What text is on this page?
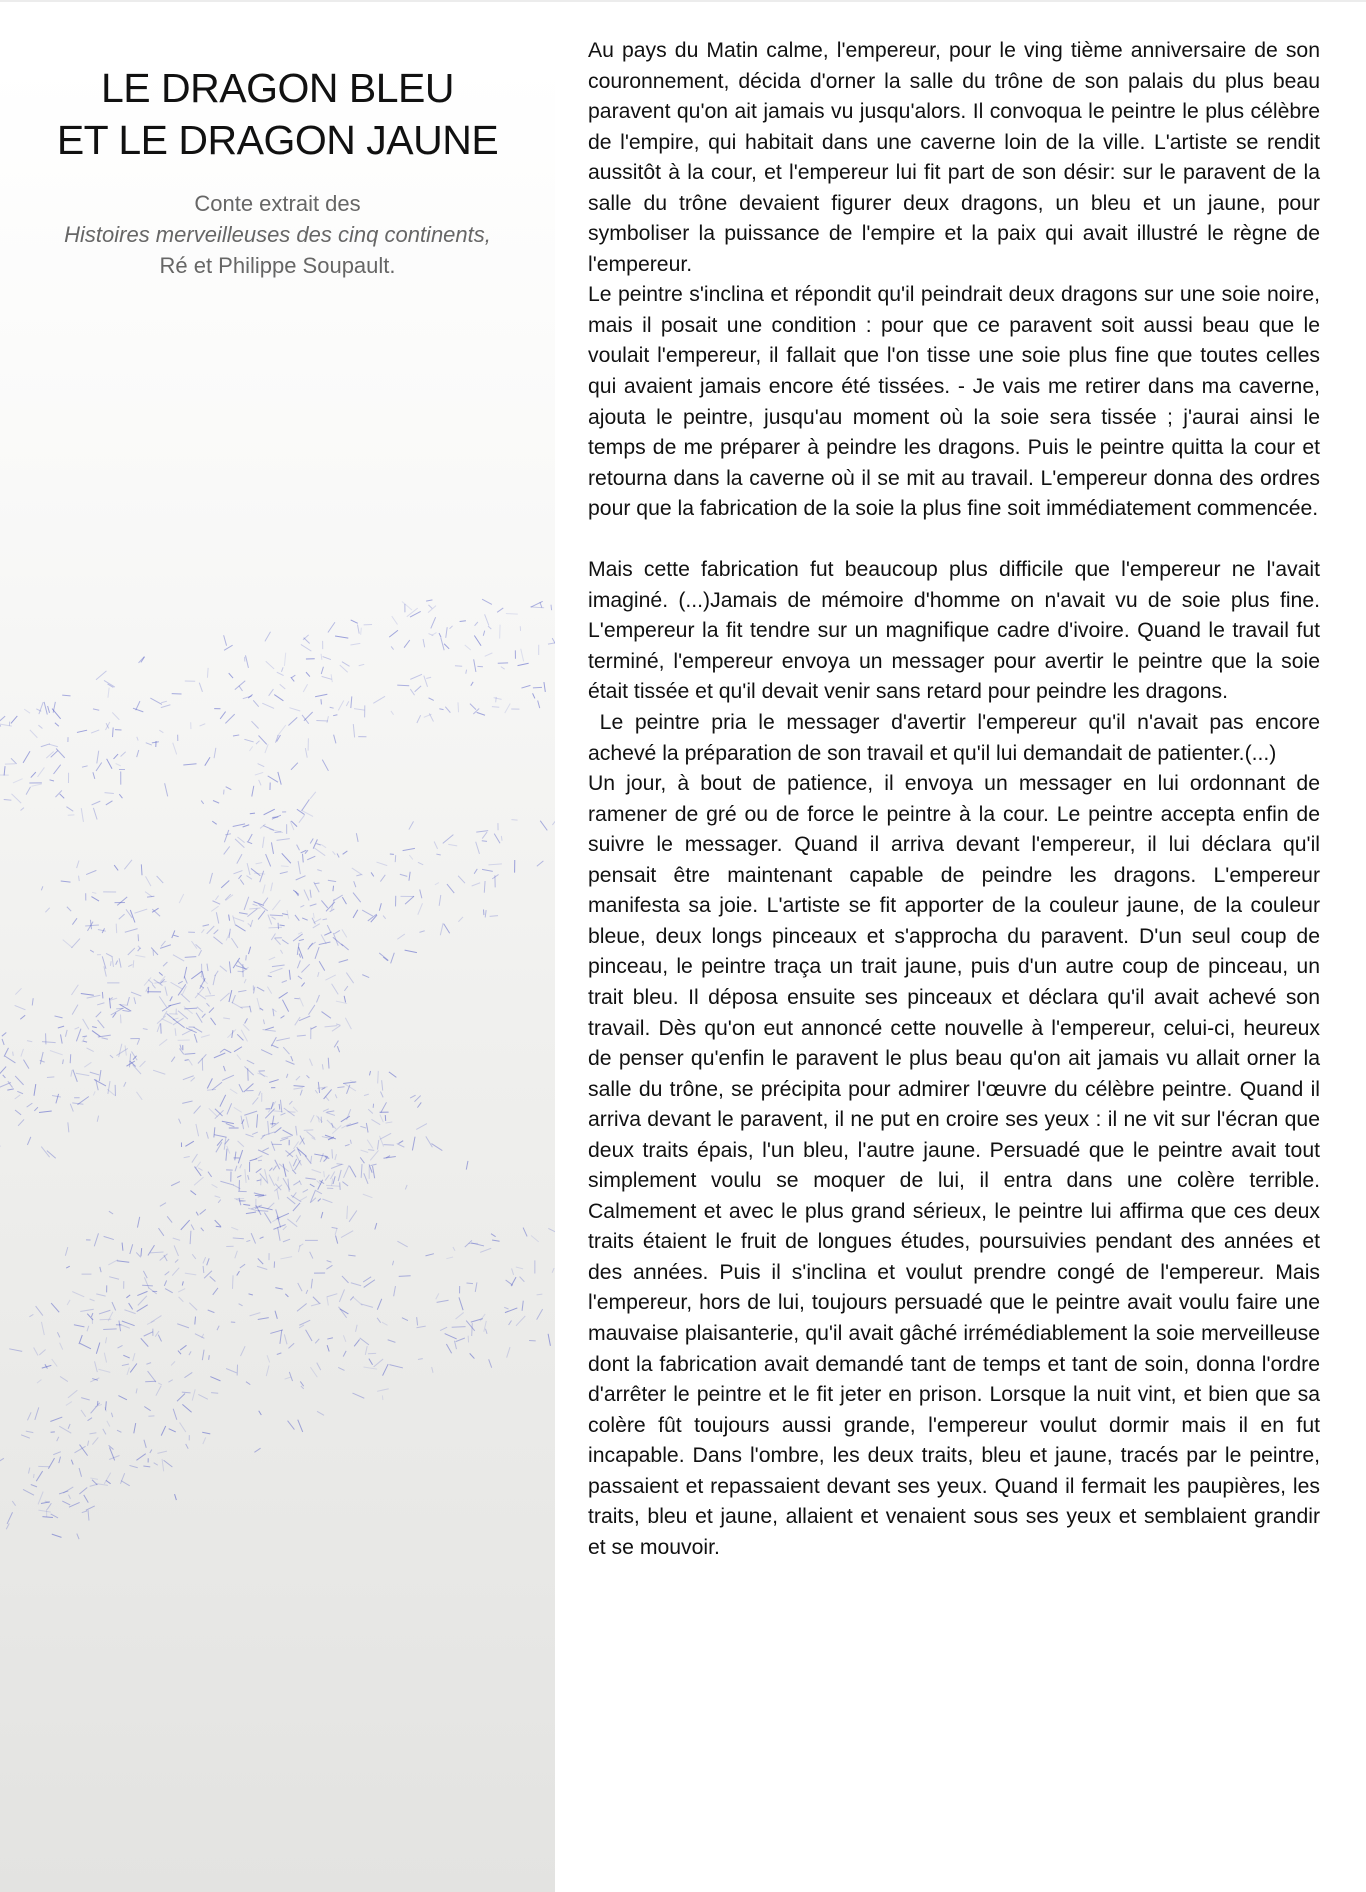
LE DRAGON BLEU
ET LE DRAGON JAUNE
Conte extrait des
Histoires merveilleuses des cinq continents,
Ré et Philippe Soupault.

Au pays du Matin calme, l'empereur, pour le ving tième anniversaire de son couronnement, décida d'orner la salle du trône de son palais du plus beau paravent qu'on ait jamais vu jusqu'alors. Il convoqua le peintre le plus célèbre de l'empire, qui habitait dans une caverne loin de la ville. L'artiste se rendit aussitôt à la cour, et l'empereur lui fit part de son désir: sur le paravent de la salle du trône devaient figurer deux dragons, un bleu et un jaune, pour symboliser la puissance de l'empire et la paix qui avait illustré le règne de l'empereur.

Le peintre s'inclina et répondit qu'il peindrait deux dragons sur une soie noire, mais il posait une condition : pour que ce paravent soit aussi beau que le voulait l'empereur, il fallait que l'on tisse une soie plus fine que toutes celles qui avaient jamais encore été tissées. - Je vais me retirer dans ma caverne, ajouta le peintre, jusqu'au moment où la soie sera tissée ; j'aurai ainsi le temps de me préparer à peindre les dragons. Puis le peintre quitta la cour et retourna dans la caverne où il se mit au travail. L'empereur donna des ordres pour que la fabrication de la soie la plus fine soit immédiatement commencée.

Mais cette fabrication fut beaucoup plus difficile que l'empereur ne l'avait imaginé. (...)Jamais de mémoire d'homme on n'avait vu de soie plus fine. L'empereur la fit tendre sur un magnifique cadre d'ivoire. Quand le travail fut terminé, l'empereur envoya un messager pour avertir le peintre que la soie était tissée et qu'il devait venir sans retard pour peindre les dragons.

Le peintre pria le messager d'avertir l'empereur qu'il n'avait pas encore achevé la préparation de son travail et qu'il lui demandait de patienter.(...)

Un jour, à bout de patience, il envoya un messager en lui ordonnant de ramener de gré ou de force le peintre à la cour. Le peintre accepta enfin de suivre le messager. Quand il arriva devant l'empereur, il lui déclara qu'il pensait être maintenant capable de peindre les dragons. L'empereur manifesta sa joie. L'artiste se fit apporter de la couleur jaune, de la couleur bleue, deux longs pinceaux et s'approcha du paravent. D'un seul coup de pinceau, le peintre traça un trait jaune, puis d'un autre coup de pinceau, un trait bleu. Il déposa ensuite ses pinceaux et déclara qu'il avait achevé son travail. Dès qu'on eut annoncé cette nouvelle à l'empereur, celui-ci, heureux de penser qu'enfin le paravent le plus beau qu'on ait jamais vu allait orner la salle du trône, se précipita pour admirer l'œuvre du célèbre peintre. Quand il arriva devant le paravent, il ne put en croire ses yeux : il ne vit sur l'écran que deux traits épais, l'un bleu, l'autre jaune. Persuadé que le peintre avait tout simplement voulu se moquer de lui, il entra dans une colère terrible. Calmement et avec le plus grand sérieux, le peintre lui affirma que ces deux traits étaient le fruit de longues études, poursuivies pendant des années et des années. Puis il s'inclina et voulut prendre congé de l'empereur. Mais l'empereur, hors de lui, toujours persuadé que le peintre avait voulu faire une mauvaise plaisanterie, qu'il avait gâché irrémédiablement la soie merveilleuse dont la fabrication avait demandé tant de temps et tant de soin, donna l'ordre d'arrêter le peintre et le fit jeter en prison. Lorsque la nuit vint, et bien que sa colère fût toujours aussi grande, l'empereur voulut dormir mais il en fut incapable. Dans l'ombre, les deux traits, bleu et jaune, tracés par le peintre, passaient et repassaient devant ses yeux. Quand il fermait les paupières, les traits, bleu et jaune, allaient et venaient sous ses yeux et semblaient grandir et se mouvoir.
